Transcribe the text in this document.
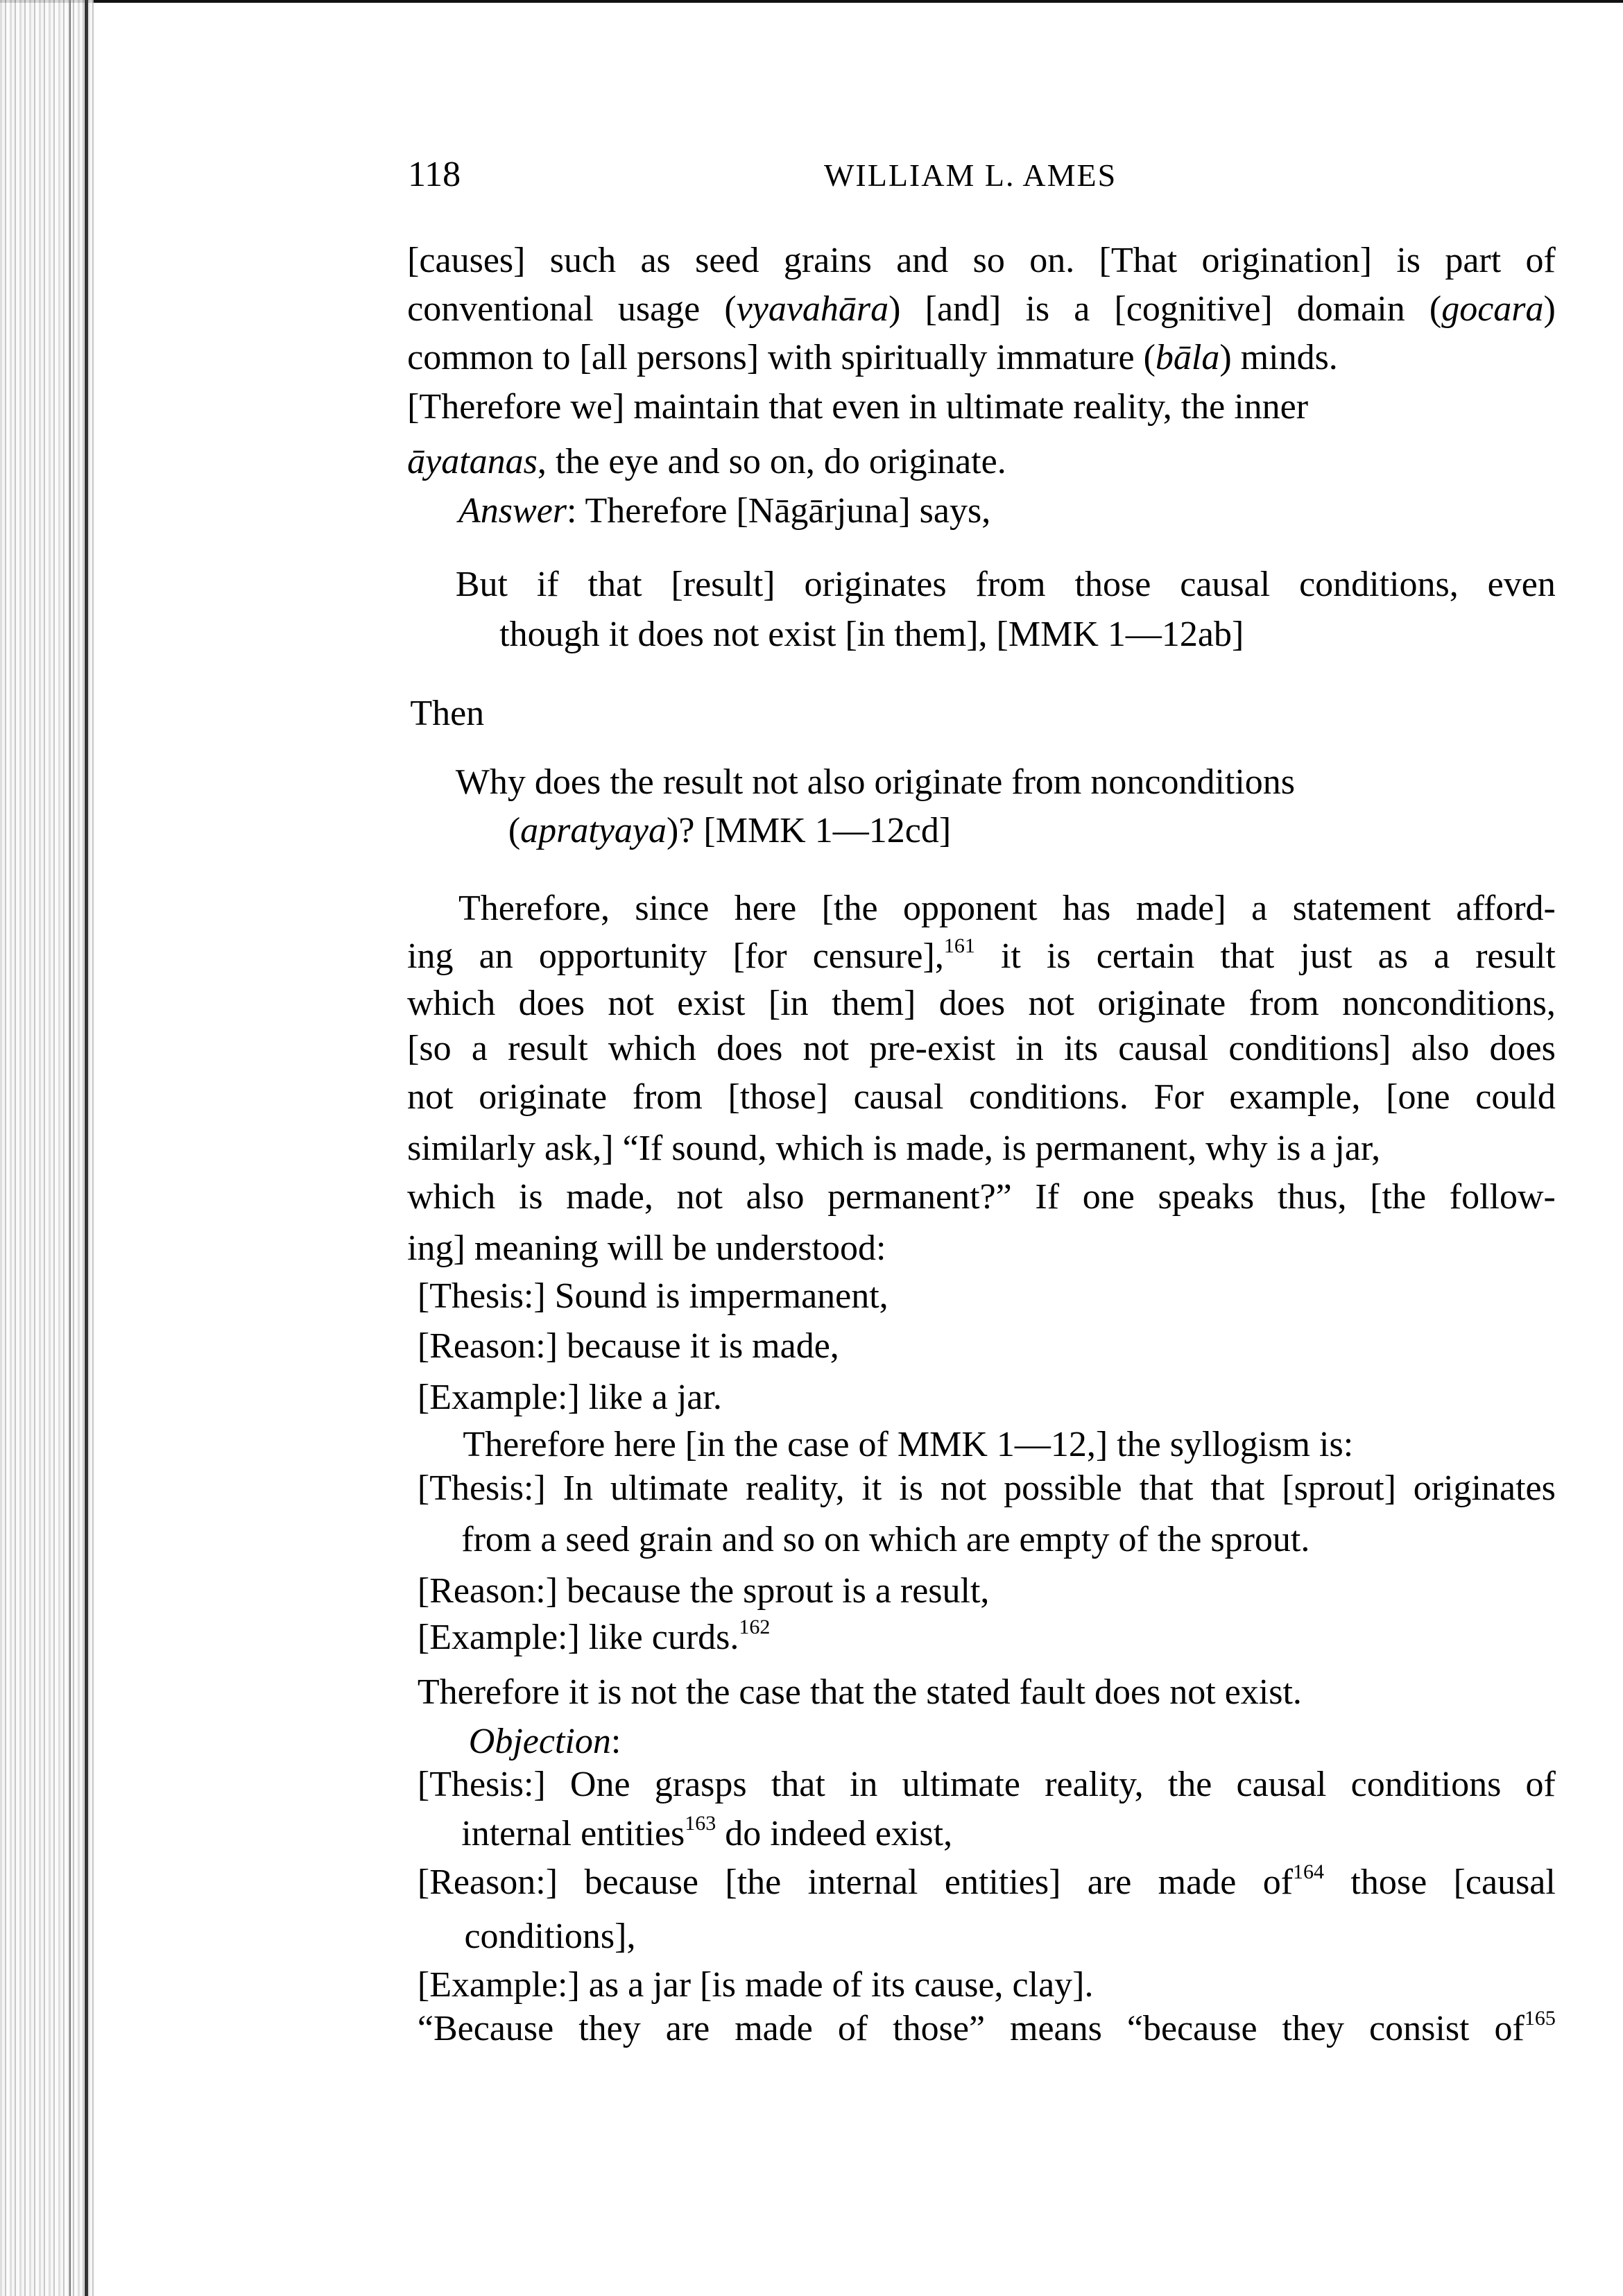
118	WILLIAM L. AMES
[causes] such as seed grains and so on. [That origination] is part of
conventional usage (vyavahāra) [and] is a [cognitive] domain (gocara)
common to [all persons] with spiritually immature (bāla) minds.
[Therefore we] maintain that even in ultimate reality, the inner
āyatanas, the eye and so on, do originate.
Answer: Therefore [Nāgārjuna] says,
But if that [result] originates from those causal conditions, even
though it does not exist [in them], [MMK 1—12ab]
Then
Why does the result not also originate from nonconditions
(apratyaya)? [MMK 1—12cd]
Therefore, since here [the opponent has made] a statement afford-
ing an opportunity [for censure],$^{161}$ it is certain that just as a result
which does not exist [in them] does not originate from nonconditions,
[so a result which does not pre-exist in its causal conditions] also does
not originate from [those] causal conditions. For example, [one could
similarly ask,] “If sound, which is made, is permanent, why is a jar,
which is made, not also permanent?” If one speaks thus, [the follow-
ing] meaning will be understood:
[Thesis:] Sound is impermanent,
[Reason:] because it is made,
[Example:] like a jar.
Therefore here [in the case of MMK 1—12,] the syllogism is:
[Thesis:] In ultimate reality, it is not possible that that [sprout] originates
from a seed grain and so on which are empty of the sprout.
[Reason:] because the sprout is a result,
[Example:] like curds.$^{162}$
Therefore it is not the case that the stated fault does not exist.
Objection:
[Thesis:] One grasps that in ultimate reality, the causal conditions of
internal entities$^{163}$ do indeed exist,
[Reason:] because [the internal entities] are made $of^{164}$ those [causal
conditions],
[Example:] as a jar [is made of its cause, clay].
“Because they are made of those” means “because they consist $of^{165}$
